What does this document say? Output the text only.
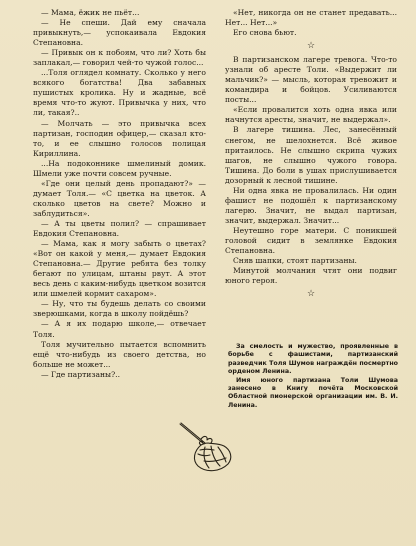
— Мама, ёжик не пьёт...

— Не спеши. Дай ему сначала привыкнуть,— успокаивала Евдокия Степановна.

— Привык он к побоям, что ли? Хоть бы заплакал,— говорил чей-то чужой голос...

...Толя оглядел комнату. Сколько у него всякого богатства! Два забавных пушистых кролика. Ну и жадные, всё время что-то жуют. Привычка у них, что ли, такая?..

— Молчать — это привычка всех партизан, господин офицер,— сказал кто-то, и ее слышно голосов полицая Кириллина.

...На подоконнике шмелиный домик. Шмели уже почти совсем ручные.

«Где они целый день пропадают?» — думает Толя.— «С цветка на цветок. А сколько цветов на свете? Можно и заблудиться».

— А ты цветы полил? — спрашивает Евдокия Степановна.

— Мама, как я могу забыть о цветах? «Вот он какой у меня,— думает Евдокия Степановна.— Другие ребята без толку бегают по улицам, штаны рвут. А этот весь день с каким-нибудь цветком возится или шмелей кормит сахаром».

— Ну, что ты будешь делать со своими зверюшками, когда в школу пойдёшь?

— А я их подарю школе,— отвечает Толя.

Толя мучительно пытается вспомнить ещё что-нибудь из своего детства, но больше не может...

— Где партизаны?..

«Нет, никогда он не станет предавать... Нет... Нет...»

Его снова бьют.

☆

В партизанском лагере тревога. Что-то узнали об аресте Толи. «Выдержит ли мальчик?» — мысль, которая тревожит и командира и бойцов. Усиливаются посты...

«Если провалится хоть одна явка или начнутся аресты, значит, не выдержал».

В лагере тишина. Лес, занесённый снегом, не шелохнется. Всё живое притаилось. Не слышно скрипа чужих шагов, не слышно чужого говора. Тишина. До боли в ушах прислушивается дозорный к лесной тишине.

Ни одна явка не провалилась. Ни один фашист не подошёл к партизанскому лагерю. Значит, не выдал партизан, значит, выдержал. Значит...

Неутешно горе матери. С поникшей головой сидит в землянке Евдокия Степановна.

Сняв шапки, стоят партизаны.

Минутой молчания чтят они подвиг юного героя.

☆

За смелость и мужество, проявленные в борьбе с фашистами, партизанский разведчик Толя Шумов награждён посмертно орденом Ленина.

Имя юного партизана Толи Шумова занесено в Книгу почёта Московской Областной пионерской организации им. В. И. Ленина.
